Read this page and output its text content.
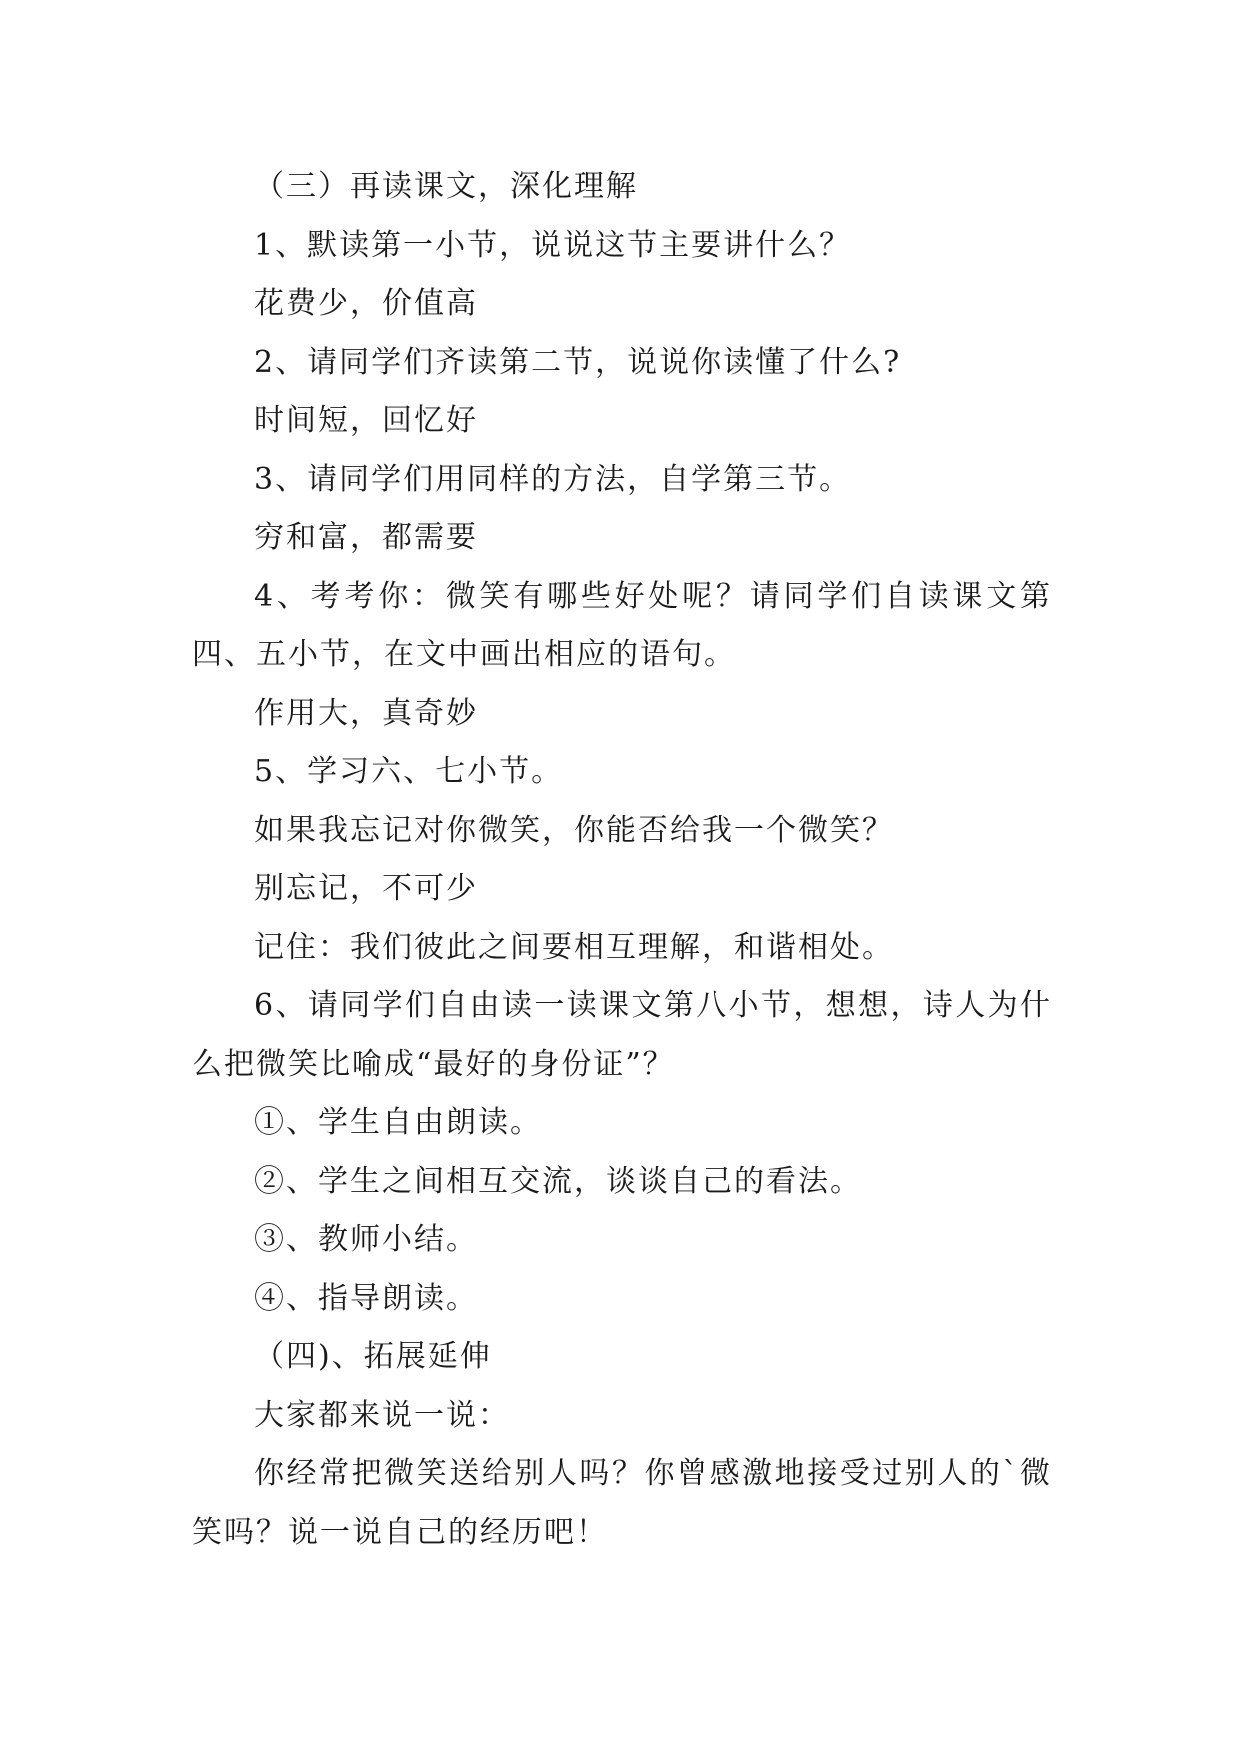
（三）再读课文，深化理解

1、默读第一小节，说说这节主要讲什么？

花费少，价值高

2、请同学们齐读第二节，说说你读懂了什么?

时间短，回忆好

3、请同学们用同样的方法，自学第三节。

穷和富，都需要

4、考考你：微笑有哪些好处呢？请同学们自读课文第四、五小节，在文中画出相应的语句。

作用大，真奇妙

5、学习六、七小节。

如果我忘记对你微笑，你能否给我一个微笑？

别忘记，不可少

记住：我们彼此之间要相互理解，和谐相处。

6、请同学们自由读一读课文第八小节，想想，诗人为什么把微笑比喻成“最好的身份证”？

①、学生自由朗读。

②、学生之间相互交流，谈谈自己的看法。

③、教师小结。

④、指导朗读。

（四)、拓展延伸

大家都来说一说：

你经常把微笑送给别人吗？你曾感激地接受过别人的`微笑吗？说一说自己的经历吧！
